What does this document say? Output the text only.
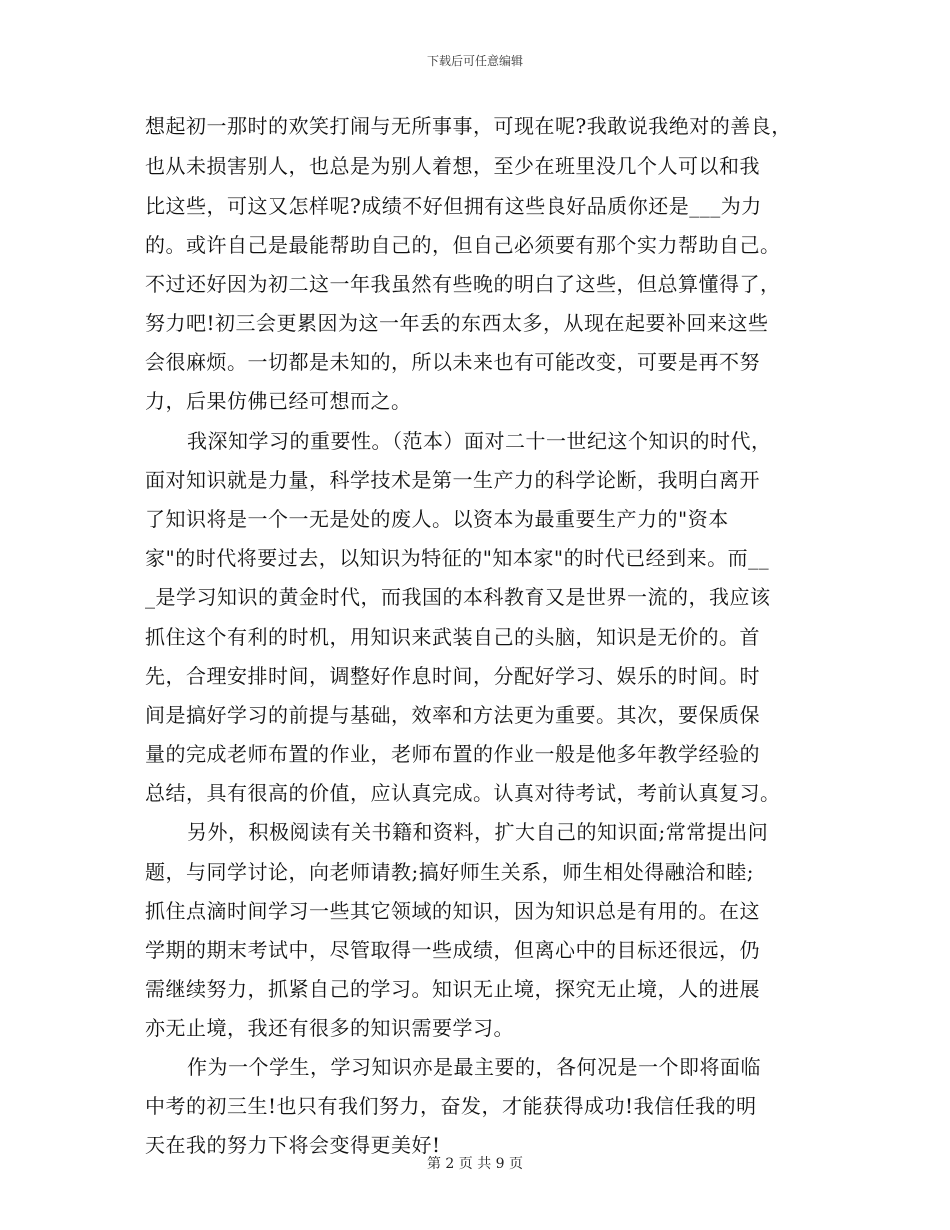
下载后可任意编辑
想起初一那时的欢笑打闹与无所事事，可现在呢?我敢说我绝对的善良，
也从未损害别人，也总是为别人着想，至少在班里没几个人可以和我
比这些，可这又怎样呢?成绩不好但拥有这些良好品质你还是___为力
的。或许自己是最能帮助自己的，但自己必须要有那个实力帮助自己。
不过还好因为初二这一年我虽然有些晚的明白了这些，但总算懂得了，
努力吧!初三会更累因为这一年丢的东西太多，从现在起要补回来这些
会很麻烦。一切都是未知的，所以未来也有可能改变，可要是再不努
力，后果仿佛已经可想而之。
我深知学习的重要性。（范本）面对二十一世纪这个知识的时代，
面对知识就是力量，科学技术是第一生产力的科学论断，我明白离开
了知识将是一个一无是处的废人。以资本为最重要生产力的"资本
家"的时代将要过去，以知识为特征的"知本家"的时代已经到来。而__
_是学习知识的黄金时代，而我国的本科教育又是世界一流的，我应该
抓住这个有利的时机，用知识来武装自己的头脑，知识是无价的。首
先，合理安排时间，调整好作息时间，分配好学习、娱乐的时间。时
间是搞好学习的前提与基础，效率和方法更为重要。其次，要保质保
量的完成老师布置的作业，老师布置的作业一般是他多年教学经验的
总结，具有很高的价值，应认真完成。认真对待考试，考前认真复习。
另外，积极阅读有关书籍和资料，扩大自己的知识面;常常提出问
题，与同学讨论，向老师请教;搞好师生关系，师生相处得融洽和睦;
抓住点滴时间学习一些其它领域的知识，因为知识总是有用的。在这
学期的期末考试中，尽管取得一些成绩，但离心中的目标还很远，仍
需继续努力，抓紧自己的学习。知识无止境，探究无止境，人的进展
亦无止境，我还有很多的知识需要学习。
作为一个学生，学习知识亦是最主要的，各何况是一个即将面临
中考的初三生!也只有我们努力，奋发，才能获得成功!我信任我的明
天在我的努力下将会变得更美好!
第 2 页 共 9 页
